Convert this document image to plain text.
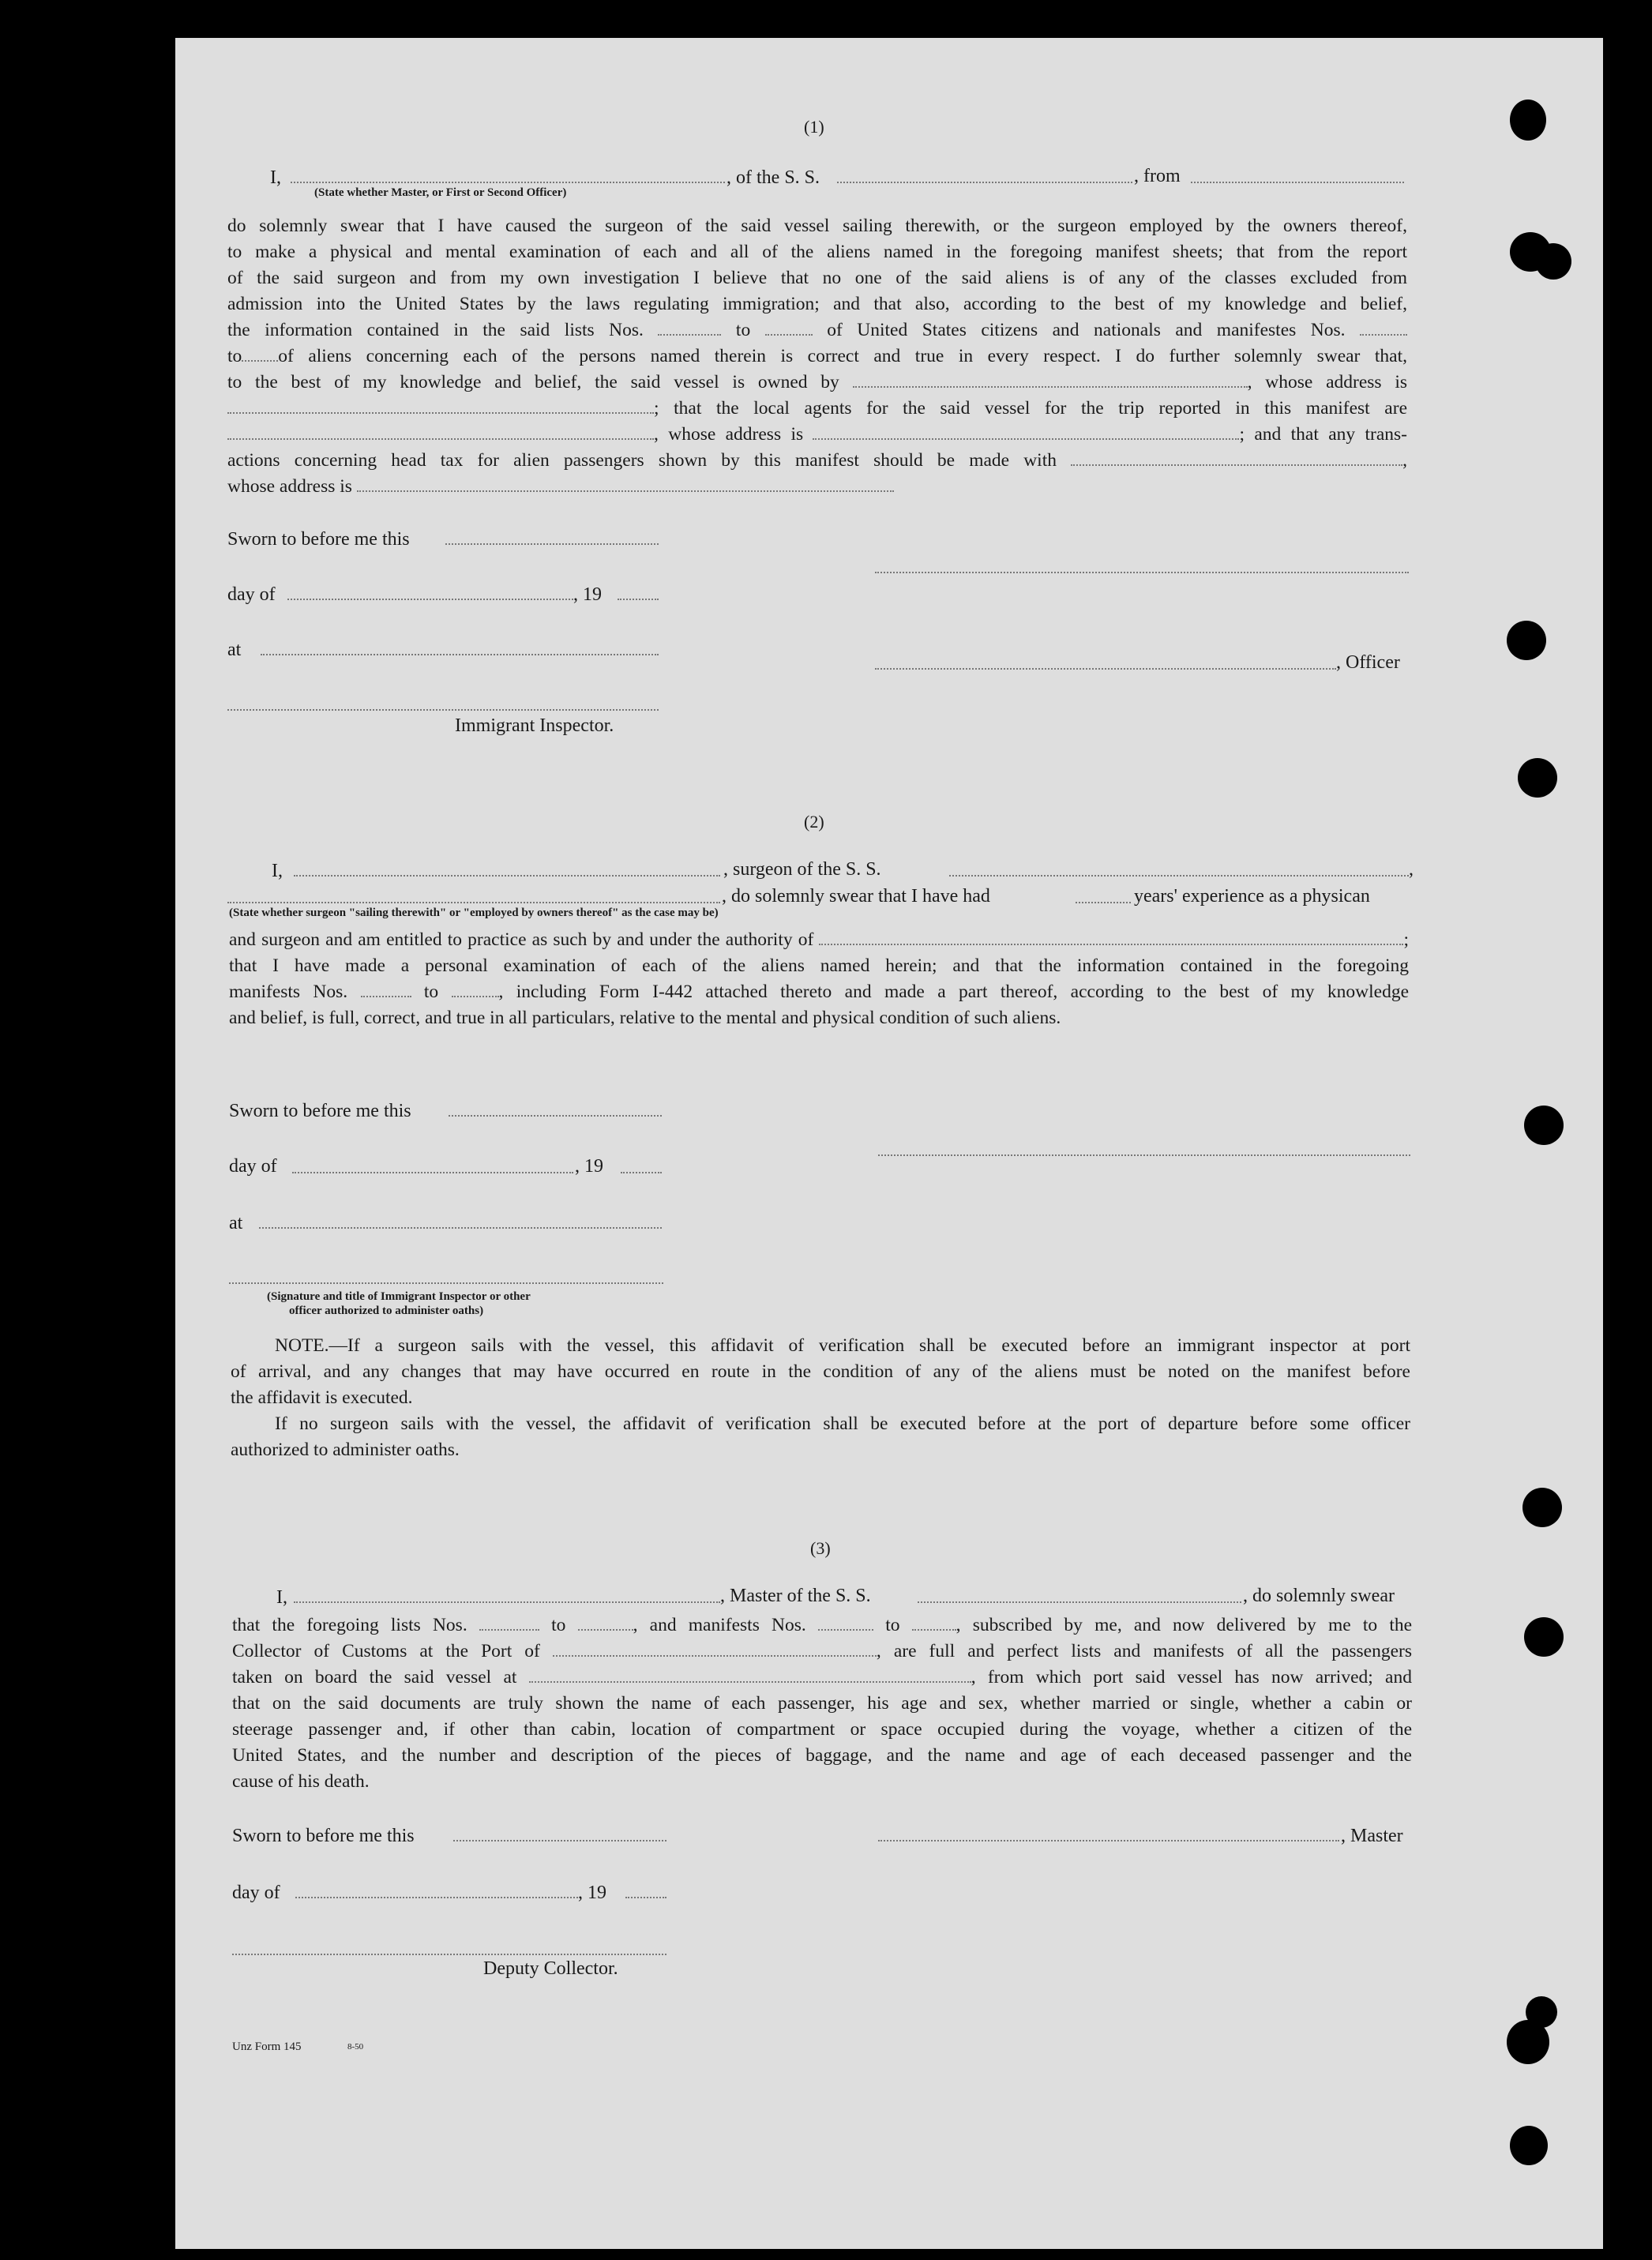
(1)
I,	, of the S. S.	, from
(State whether Master, or First or Second Officer)

do solemnly swear that I have caused the surgeon of the said vessel sailing therewith, or the surgeon employed by the owners thereof,

to make a physical and mental examination of each and all of the aliens named in the foregoing manifest sheets; that from the report

of the said surgeon and from my own investigation I believe that no one of the said aliens is of any of the classes excluded from

admission into the United States by the laws regulating immigration; and that also, according to the best of my knowledge and belief,

the information contained in the said lists Nos.	to	of United States citizens and nationals and manifestes Nos.

to of aliens concerning each of the persons named therein is correct and true in every respect. I do further solemnly swear that,

to the best of my knowledge and belief, the said vessel is owned by	, whose address is

; that the local agents for the said vessel for the trip reported in this manifest are

, whose address is	; and that any trans-

actions concerning head tax for alien passengers shown by this manifest should be made with	,

whose address is

Sworn to before me this
day of	, 19
at
, Officer
Immigrant Inspector.
(2)
I,	, surgeon of the S. S.	,
, do solemnly swear that I have had	years' experience as a physican
(State whether surgeon "sailing therewith" or "employed by owners thereof" as the case may be)

and surgeon and am entitled to practice as such by and under the authority of	;

that I have made a personal examination of each of the aliens named herein; and that the information contained in the foregoing

manifests Nos.	to	, including Form I-442 attached thereto and made a part thereof, according to the best of my knowledge

and belief, is full, correct, and true in all particulars, relative to the mental and physical condition of such aliens.

Sworn to before me this
day of	, 19
at
(Signature and title of Immigrant Inspector or other
officer authorized to administer oaths)

NOTE.—If a surgeon sails with the vessel, this affidavit of verification shall be executed before an immigrant inspector at port

of arrival, and any changes that may have occurred en route in the condition of any of the aliens must be noted on the manifest before

the affidavit is executed.

If no surgeon sails with the vessel, the affidavit of verification shall be executed before at the port of departure before some officer

authorized to administer oaths.

(3)
I,	, Master of the S. S.	, do solemnly swear

that the foregoing lists Nos.	to	, and manifests Nos.	to	, subscribed by me, and now delivered by me to the

Collector of Customs at the Port of	, are full and perfect lists and manifests of all the passengers

taken on board the said vessel at	, from which port said vessel has now arrived; and

that on the said documents are truly shown the name of each passenger, his age and sex, whether married or single, whether a cabin or

steerage passenger and, if other than cabin, location of compartment or space occupied during the voyage, whether a citizen of the

United States, and the number and description of the pieces of baggage, and the name and age of each deceased passenger and the

cause of his death.

Sworn to before me this	, Master
day of	, 19
Deputy Collector.
Unz Form 145	8-50
